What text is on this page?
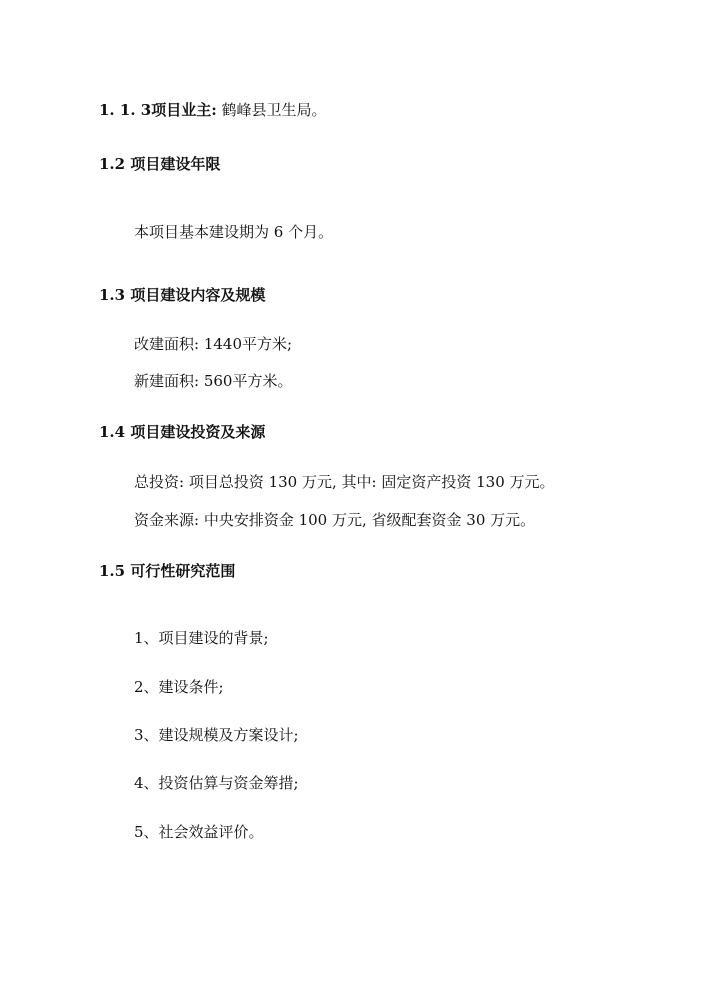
1. 1. 3项目业主: 鹤峰县卫生局。
1.2 项目建设年限
本项目基本建设期为 6 个月。
1.3 项目建设内容及规模
改建面积: 1440平方米;
新建面积: 560平方米。
1.4 项目建设投资及来源
总投资: 项目总投资 130 万元, 其中: 固定资产投资 130 万元。
资金来源: 中央安排资金 100 万元, 省级配套资金 30 万元。
1.5 可行性研究范围
1、项目建设的背景;
2、建设条件;
3、建设规模及方案设计;
4、投资估算与资金筹措;
5、社会效益评价。
